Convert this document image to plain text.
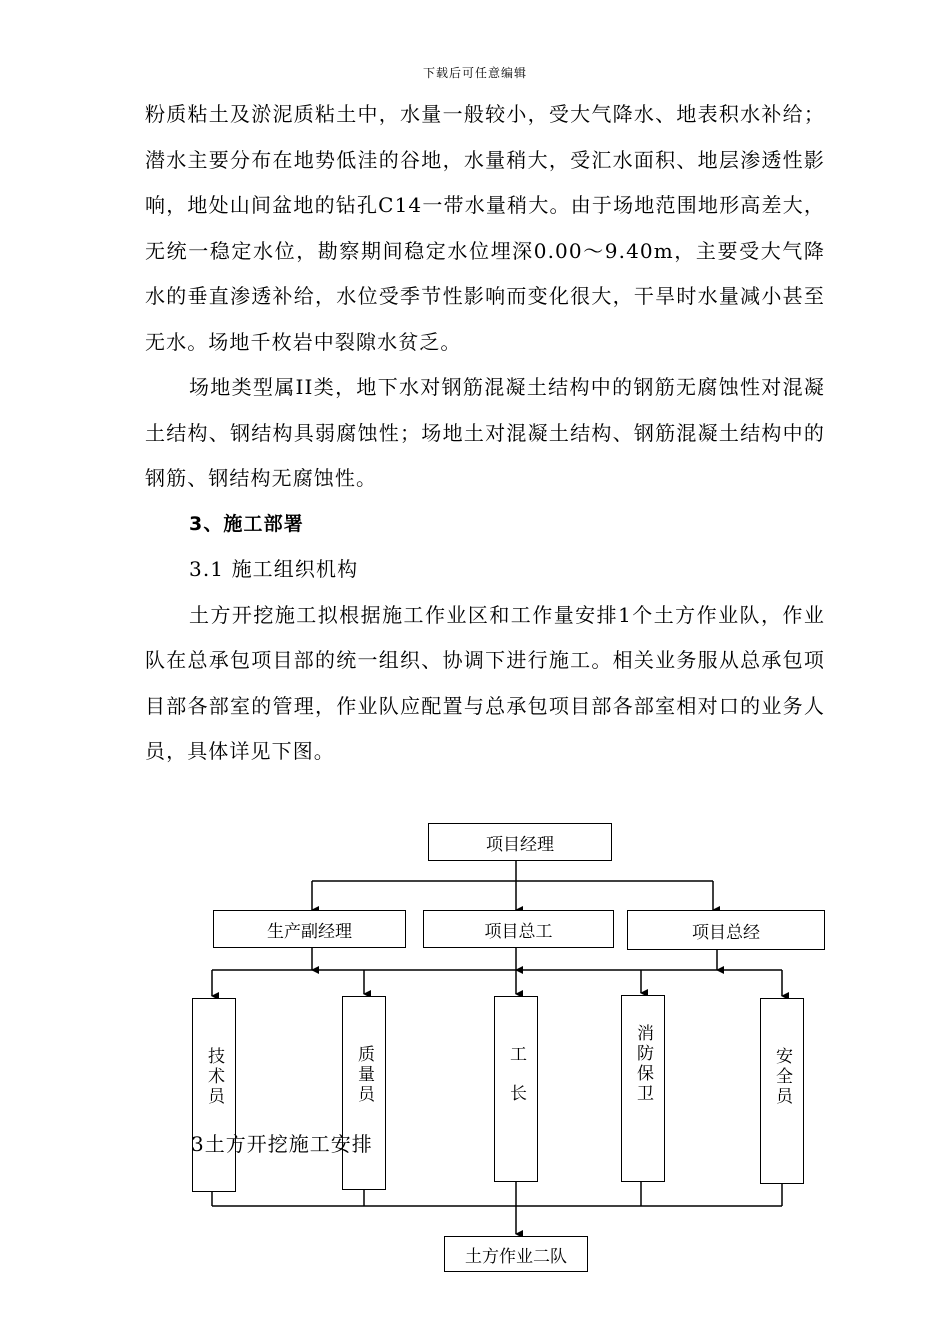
下载后可任意编辑

粉质粘土及淤泥质粘土中，水量一般较小，受大气降水、地表积水补给；潜水主要分布在地势低洼的谷地，水量稍大，受汇水面积、地层渗透性影响，地处山间盆地的钻孔C14一带水量稍大。由于场地范围地形高差大，无统一稳定水位，勘察期间稳定水位埋深0.00～9.40m，主要受大气降水的垂直渗透补给，水位受季节性影响而变化很大，干旱时水量减小甚至无水。场地千枚岩中裂隙水贫乏。

场地类型属II类，地下水对钢筋混凝土结构中的钢筋无腐蚀性对混凝土结构、钢结构具弱腐蚀性；场地土对混凝土结构、钢筋混凝土结构中的钢筋、钢结构无腐蚀性。

3、施工部署

3.1 施工组织机构

土方开挖施工拟根据施工作业区和工作量安排1个土方作业队，作业队在总承包项目部的统一组织、协调下进行施工。相关业务服从总承包项目部各部室的管理，作业队应配置与总承包项目部各部室相对口的业务人员，具体详见下图。

项目经理
生产副经理	项目总工	项目总经
技术员	质量员	工长	消防保卫	安全员
土方作业二队
3土方开挖施工安排
